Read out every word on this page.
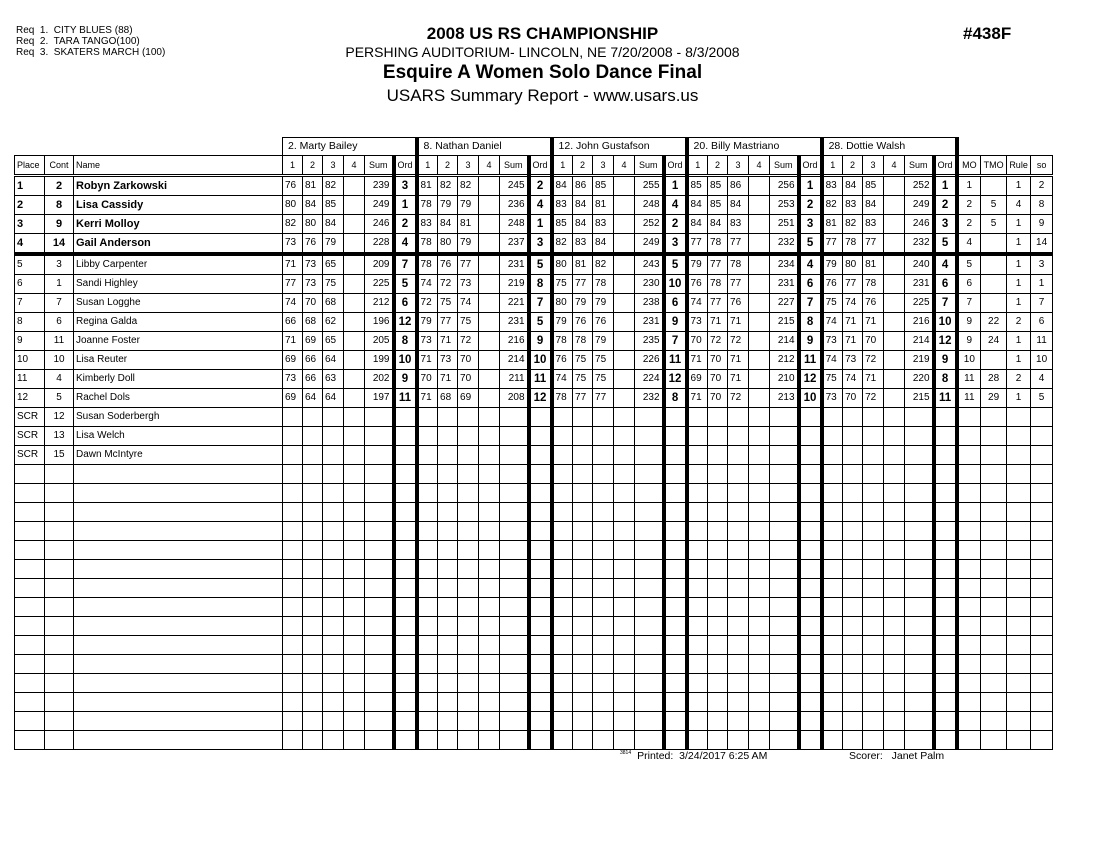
Req  1.  CITY BLUES (88)
Req  2.  TARA TANGO(100)
Req  3.  SKATERS MARCH (100)
2008 US RS CHAMPIONSHIP
PERSHING AUDITORIUM- LINCOLN, NE 7/20/2008 - 8/3/2008
Esquire A Women Solo Dance Final
USARS Summary Report - www.usars.us
#438F
			2. Marty Bailey						8. Nathan Daniel						12. John Gustafson						20. Billy Mastriano						28. Dottie Walsh									
Place	Cont	Name	1	2	3	4	Sum	Ord	1	2	3	4	Sum	Ord	1	2	3	4	Sum	Ord	1	2	3	4	Sum	Ord	1	2	3	4	Sum	Ord	MO	TMO	Rule	so
1	2	Robyn Zarkowski	76	81	82		239	3	81	82	82		245	2	84	86	85		255	1	85	85	86		256	1	83	84	85		252	1	1		1	2
2	8	Lisa Cassidy	80	84	85		249	1	78	79	79		236	4	83	84	81		248	4	84	85	84		253	2	82	83	84		249	2	2	5	4	8
3	9	Kerri Molloy	82	80	84		246	2	83	84	81		248	1	85	84	83		252	2	84	84	83		251	3	81	82	83		246	3	2	5	1	9
4	14	Gail Anderson	73	76	79		228	4	78	80	79		237	3	82	83	84		249	3	77	78	77		232	5	77	78	77		232	5	4		1	14
5	3	Libby Carpenter	71	73	65		209	7	78	76	77		231	5	80	81	82		243	5	79	77	78		234	4	79	80	81		240	4	5		1	3
6	1	Sandi Highley	77	73	75		225	5	74	72	73		219	8	75	77	78		230	10	76	78	77		231	6	76	77	78		231	6	6		1	1
7	7	Susan Logghe	74	70	68		212	6	72	75	74		221	7	80	79	79		238	6	74	77	76		227	7	75	74	76		225	7	7		1	7
8	6	Regina Galda	66	68	62		196	12	79	77	75		231	5	79	76	76		231	9	73	71	71		215	8	74	71	71		216	10	9	22	2	6
9	11	Joanne Foster	71	69	65		205	8	73	71	72		216	9	78	78	79		235	7	70	72	72		214	9	73	71	70		214	12	9	24	1	11
10	10	Lisa Reuter	69	66	64		199	10	71	73	70		214	10	76	75	75		226	11	71	70	71		212	11	74	73	72		219	9	10		1	10
11	4	Kimberly Doll	73	66	63		202	9	70	71	70		211	11	74	75	75		224	12	69	70	71		210	12	75	74	71		220	8	11	28	2	4
12	5	Rachel Dols	69	64	64		197	11	71	68	69		208	12	78	77	77		232	8	71	70	72		213	10	73	70	72		215	11	11	29	1	5
SCR	12	Susan Soderbergh																																		
SCR	13	Lisa Welch																																		
SCR	15	Dawn McIntyre																																		

$^{3814}$ Printed: 3/24/2017 6:25 AM	Scorer: Janet Palm
